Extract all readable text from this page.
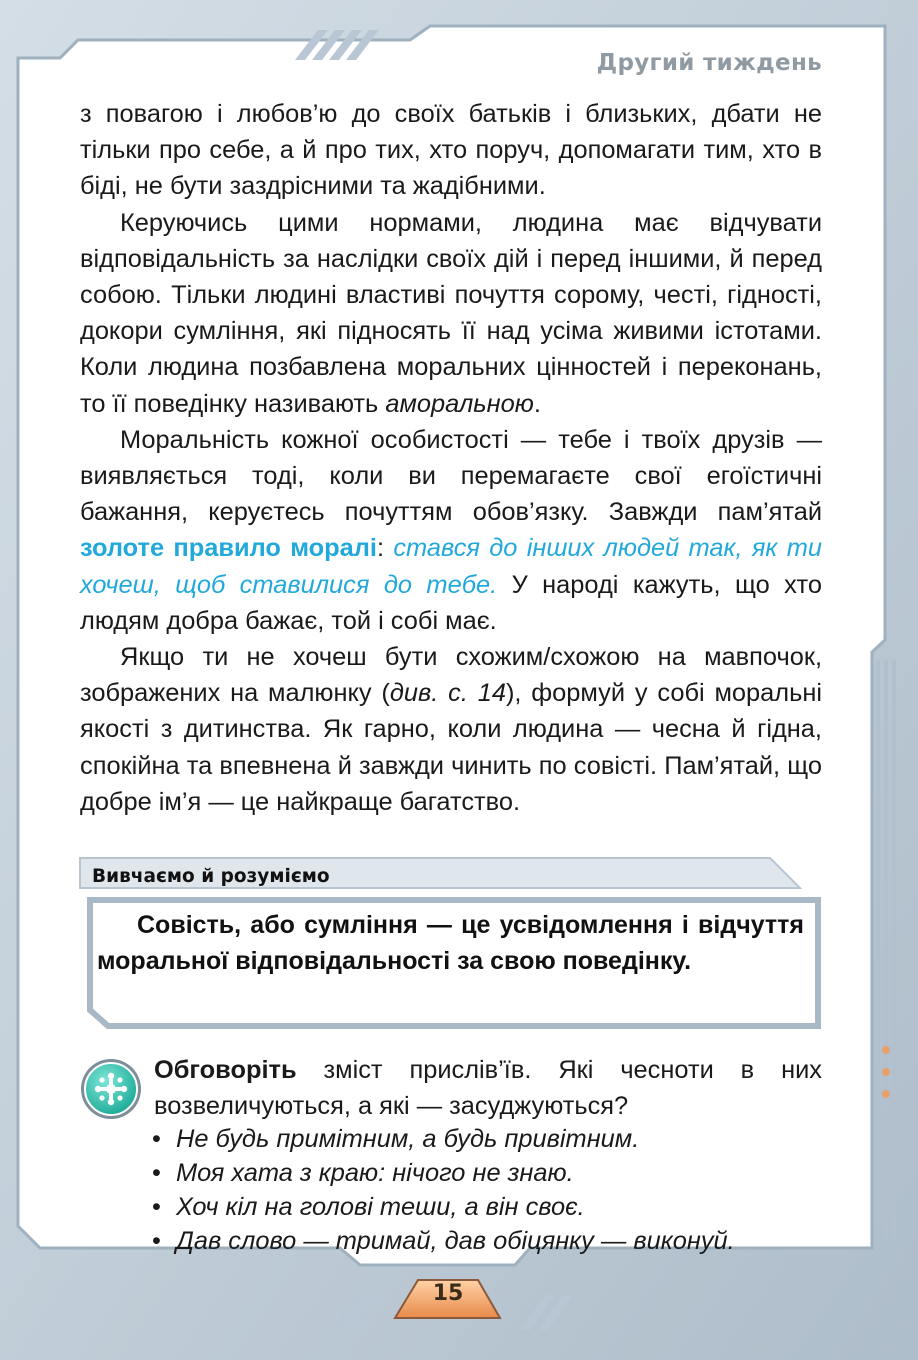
Другий тиждень

з повагою і любов’ю до своїх батьків і близьких, дбати не тільки про себе, а й про тих, хто поруч, допомагати тим, хто в біді, не бути заздрісними та жадібними.

Керуючись цими нормами, людина має відчувати відповідальність за наслідки своїх дій і перед іншими, й перед собою. Тільки людині властиві почуття сорому, честі, гідності, докори сумління, які підносять її над усіма живими істотами. Коли людина позбавлена моральних цінностей і переконань, то її поведінку називають аморальною.

Моральність кожної особистості — тебе і твоїх друзів — виявляється тоді, коли ви перемагаєте свої егоїстичні бажання, керуєтесь почуттям обов’язку. Завжди пам’ятай золоте правило моралі: стався до інших людей так, як ти хочеш, щоб ставилися до тебе. У народі кажуть, що хто людям добра бажає, той і собі має.

Якщо ти не хочеш бути схожим/схожою на мавпочок, зображених на малюнку (див. с. 14), формуй у собі моральні якості з дитинства. Як гарно, коли людина — чесна й гідна, спокійна та впевнена й завжди чинить по совісті. Пам’ятай, що добре ім’я — це найкраще багатство.

Вивчаємо й розуміємо
Совість, або сумління — це усвідомлення і відчуття моральної відповідальності за свою поведінку.
Обговоріть зміст прислів’їв. Які чесноти в них возвеличуються, а які — засуджуються?
• Не будь примітним, а будь привітним.
• Моя хата з краю: нічого не знаю.
• Хоч кіл на голові теши, а він своє.
• Дав слово — тримай, дав обіцянку — виконуй.
15
